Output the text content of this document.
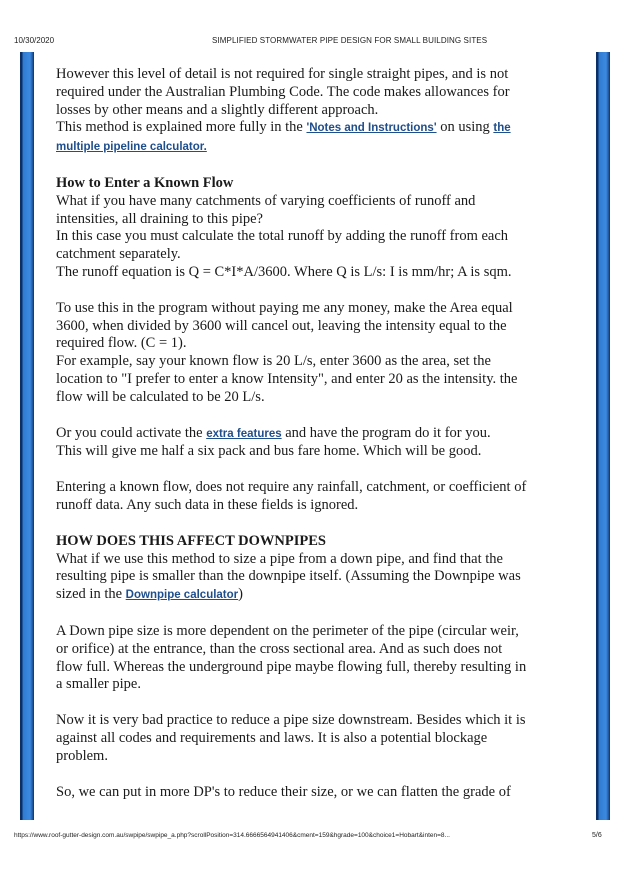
10/30/2020	SIMPLIFIED STORMWATER PIPE DESIGN FOR SMALL BUILDING SITES

However this level of detail is not required for single straight pipes, and is not
required under the Australian Plumbing Code. The code makes allowances for
losses by other means and a slightly different approach.
This method is explained more fully in the 'Notes and Instructions' on using the
multiple pipeline calculator.

How to Enter a Known Flow

What if you have many catchments of varying coefficients of runoff and
intensities, all draining to this pipe?
In this case you must calculate the total runoff by adding the runoff from each
catchment separately.
The runoff equation is Q = C*I*A/3600. Where Q is L/s: I is mm/hr; A is sqm.

To use this in the program without paying me any money, make the Area equal
3600, when divided by 3600 will cancel out, leaving the intensity equal to the
required flow. (C = 1).
For example, say your known flow is 20 L/s, enter 3600 as the area, set the
location to "I prefer to enter a know Intensity", and enter 20 as the intensity. the
flow will be calculated to be 20 L/s.

Or you could activate the extra features and have the program do it for you.
This will give me half a six pack and bus fare home. Which will be good.

Entering a known flow, does not require any rainfall, catchment, or coefficient of
runoff data. Any such data in these fields is ignored.

HOW DOES THIS AFFECT DOWNPIPES

What if we use this method to size a pipe from a down pipe, and find that the
resulting pipe is smaller than the downpipe itself. (Assuming the Downpipe was
sized in the Downpipe calculator)

A Down pipe size is more dependent on the perimeter of the pipe (circular weir,
or orifice) at the entrance, than the cross sectional area. And as such does not
flow full. Whereas the underground pipe maybe flowing full, thereby resulting in
a smaller pipe.

Now it is very bad practice to reduce a pipe size downstream. Besides which it is
against all codes and requirements and laws. It is also a potential blockage
problem.

So, we can put in more DP's to reduce their size, or we can flatten the grade of

https://www.roof-gutter-design.com.au/swpipe/swpipe_a.php?scrollPosition=314.6666564941406&cment=159&hgrade=100&choice1=Hobart&inten=8...	5/6
